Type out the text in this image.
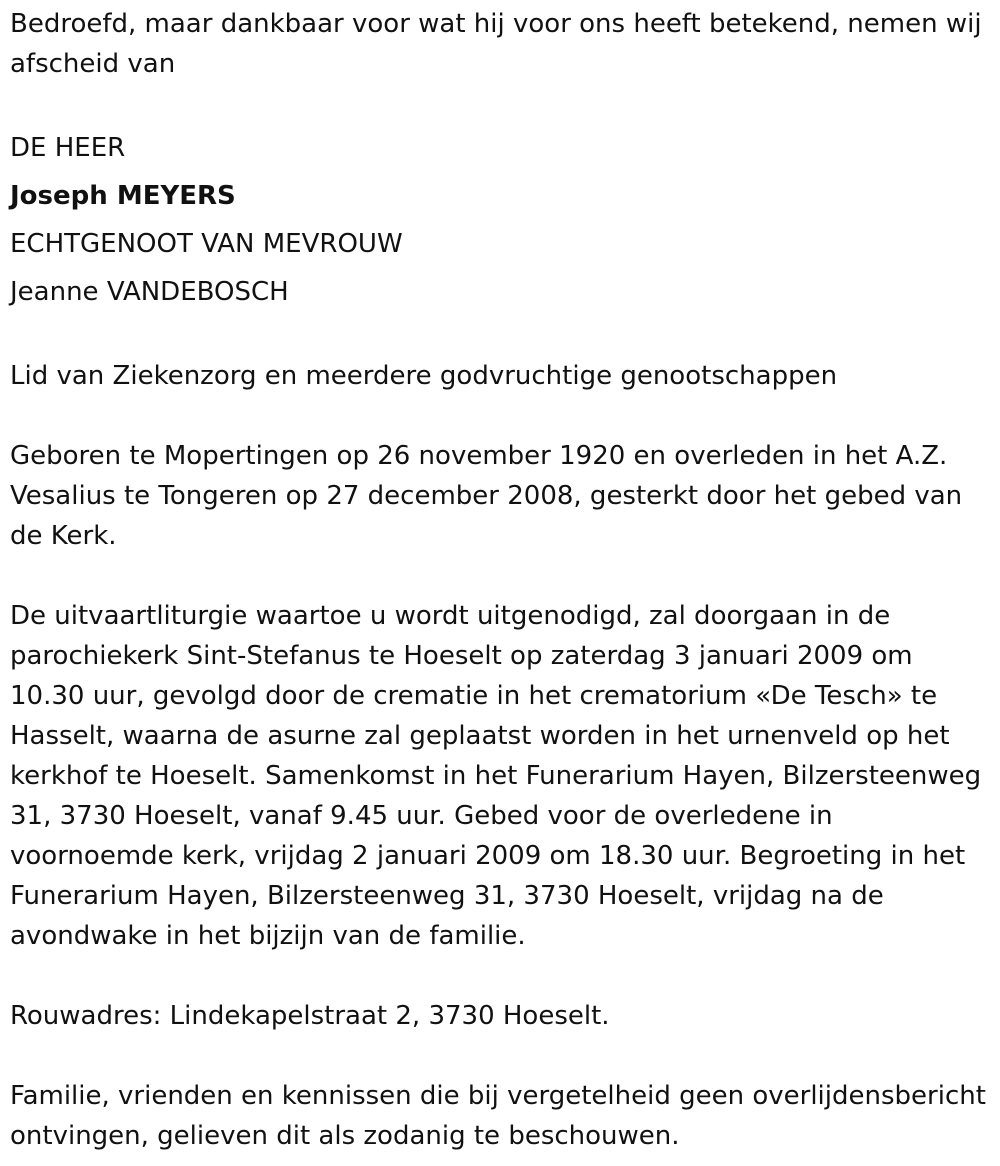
Bedroefd, maar dankbaar voor wat hij voor ons heeft betekend, nemen wij afscheid van

DE HEER
Joseph MEYERS
ECHTGENOOT VAN MEVROUW
Jeanne VANDEBOSCH

Lid van Ziekenzorg en meerdere godvruchtige genootschappen

Geboren te Mopertingen op 26 november 1920 en overleden in het A.Z. Vesalius te Tongeren op 27 december 2008, gesterkt door het gebed van de Kerk.

De uitvaartliturgie waartoe u wordt uitgenodigd, zal doorgaan in de parochiekerk Sint-Stefanus te Hoeselt op zaterdag 3 januari 2009 om 10.30 uur, gevolgd door de crematie in het crematorium «De Tesch» te Hasselt, waarna de asurne zal geplaatst worden in het urnenveld op het kerkhof te Hoeselt. Samenkomst in het Funerarium Hayen, Bilzersteenweg 31, 3730 Hoeselt, vanaf 9.45 uur. Gebed voor de overledene in voornoemde kerk, vrijdag 2 januari 2009 om 18.30 uur. Begroeting in het Funerarium Hayen, Bilzersteenweg 31, 3730 Hoeselt, vrijdag na de avondwake in het bijzijn van de familie.

Rouwadres: Lindekapelstraat 2, 3730 Hoeselt.

Familie, vrienden en kennissen die bij vergetelheid geen overlijdensbericht ontvingen, gelieven dit als zodanig te beschouwen.
